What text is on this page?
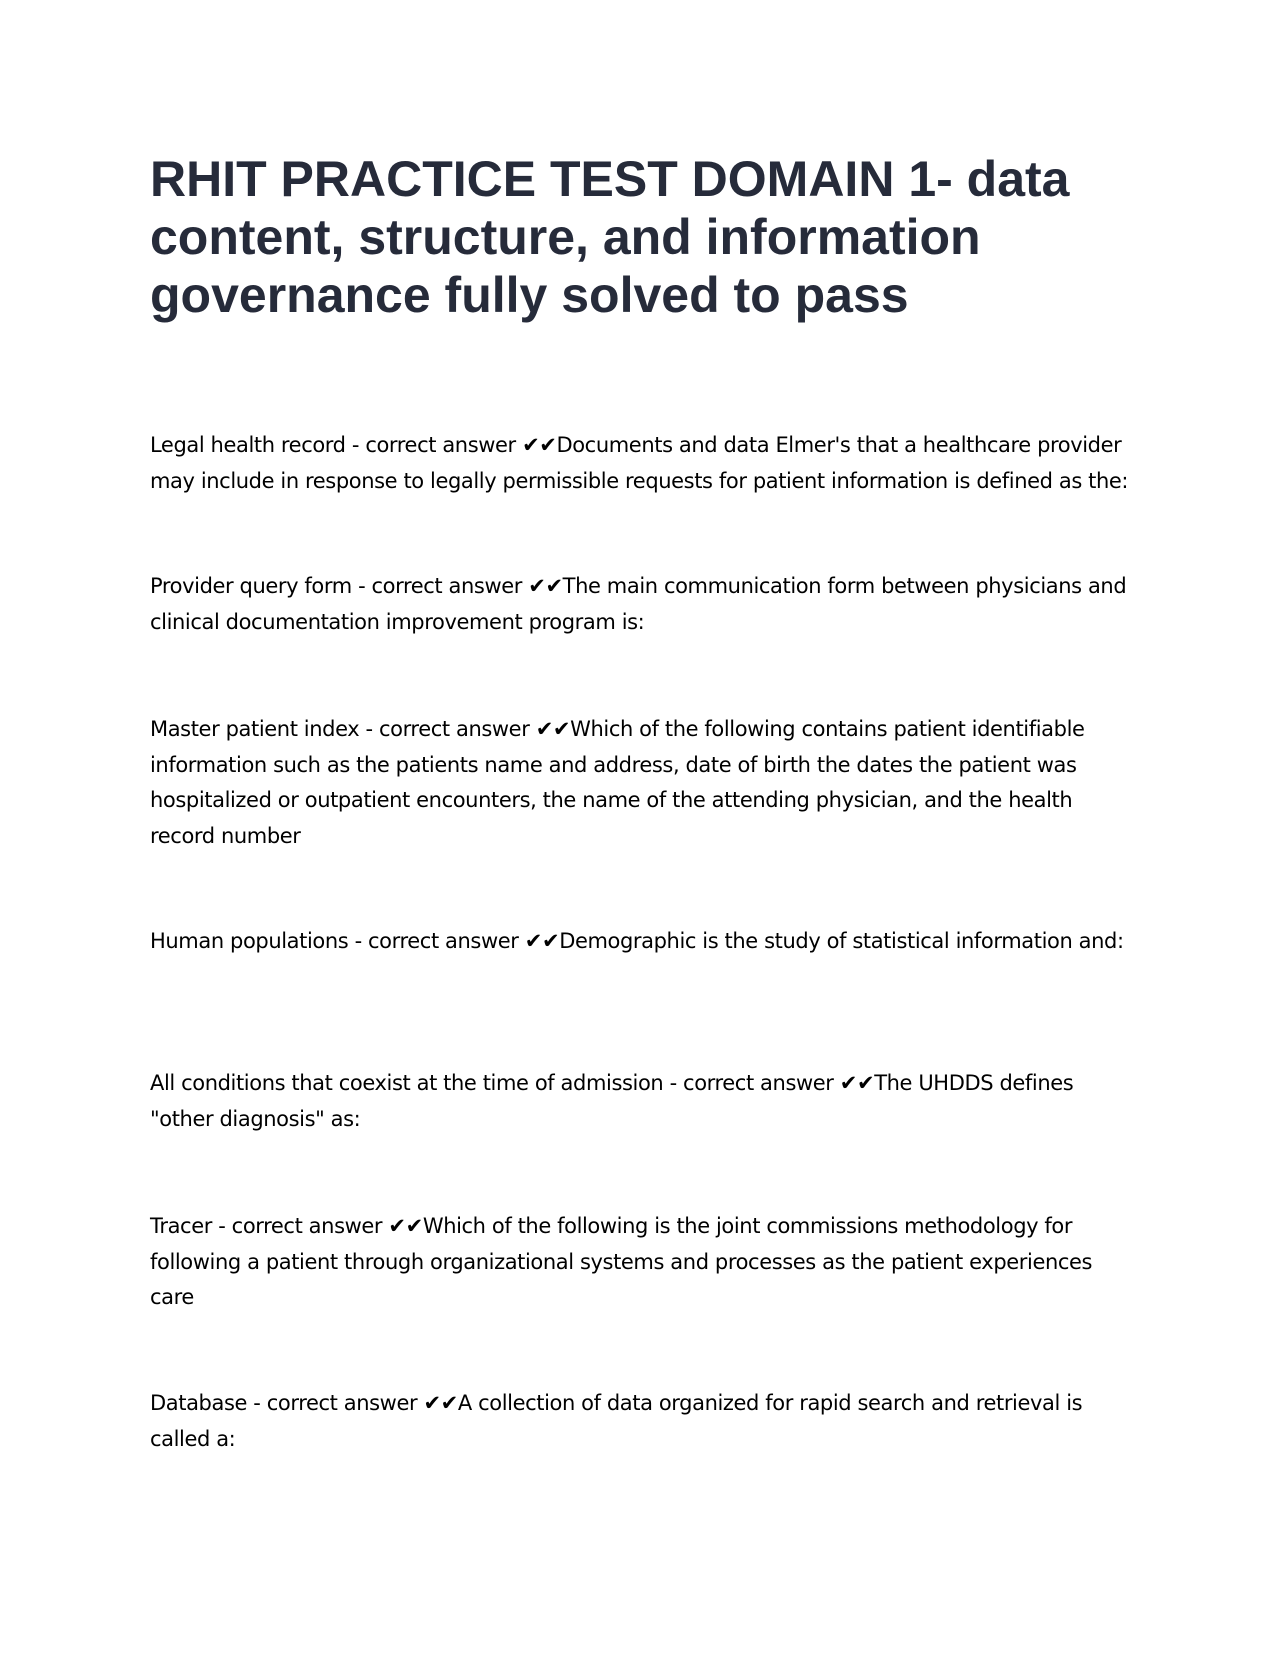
RHIT PRACTICE TEST DOMAIN 1- data content, structure, and information governance fully solved to pass

Legal health record - correct answer ✔✔Documents and data Elmer's that a healthcare provider may include in response to legally permissible requests for patient information is defined as the:

Provider query form - correct answer ✔✔The main communication form between physicians and clinical documentation improvement program is:

Master patient index - correct answer ✔✔Which of the following contains patient identifiable information such as the patients name and address, date of birth the dates the patient was hospitalized or outpatient encounters, the name of the attending physician, and the health record number

Human populations - correct answer ✔✔Demographic is the study of statistical information and:

All conditions that coexist at the time of admission - correct answer ✔✔The UHDDS defines "other diagnosis" as:

Tracer - correct answer ✔✔Which of the following is the joint commissions methodology for following a patient through organizational systems and processes as the patient experiences care

Database - correct answer ✔✔A collection of data organized for rapid search and retrieval is called a:
